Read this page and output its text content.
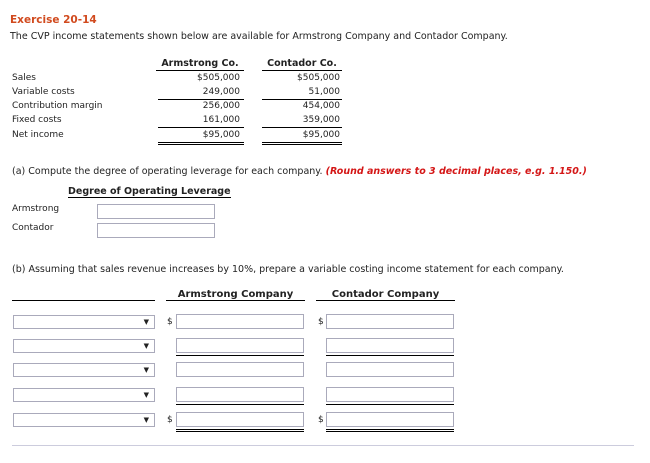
Exercise 20-14
The CVP income statements shown below are available for Armstrong Company and Contador Company.
Armstrong Co.	Contador Co.
Sales	$505,000	$505,000
Variable costs	249,000	51,000
Contribution margin	256,000	454,000
Fixed costs	161,000	359,000
Net income	$95,000	$95,000
(a) Compute the degree of operating leverage for each company. (Round answers to 3 decimal places, e.g. 1.150.)
Degree of Operating Leverage
Armstrong
Contador
(b) Assuming that sales revenue increases by 10%, prepare a variable costing income statement for each company.
Armstrong Company	Contador Company
▼ $	$
▼
▼
▼
▼ $	$
